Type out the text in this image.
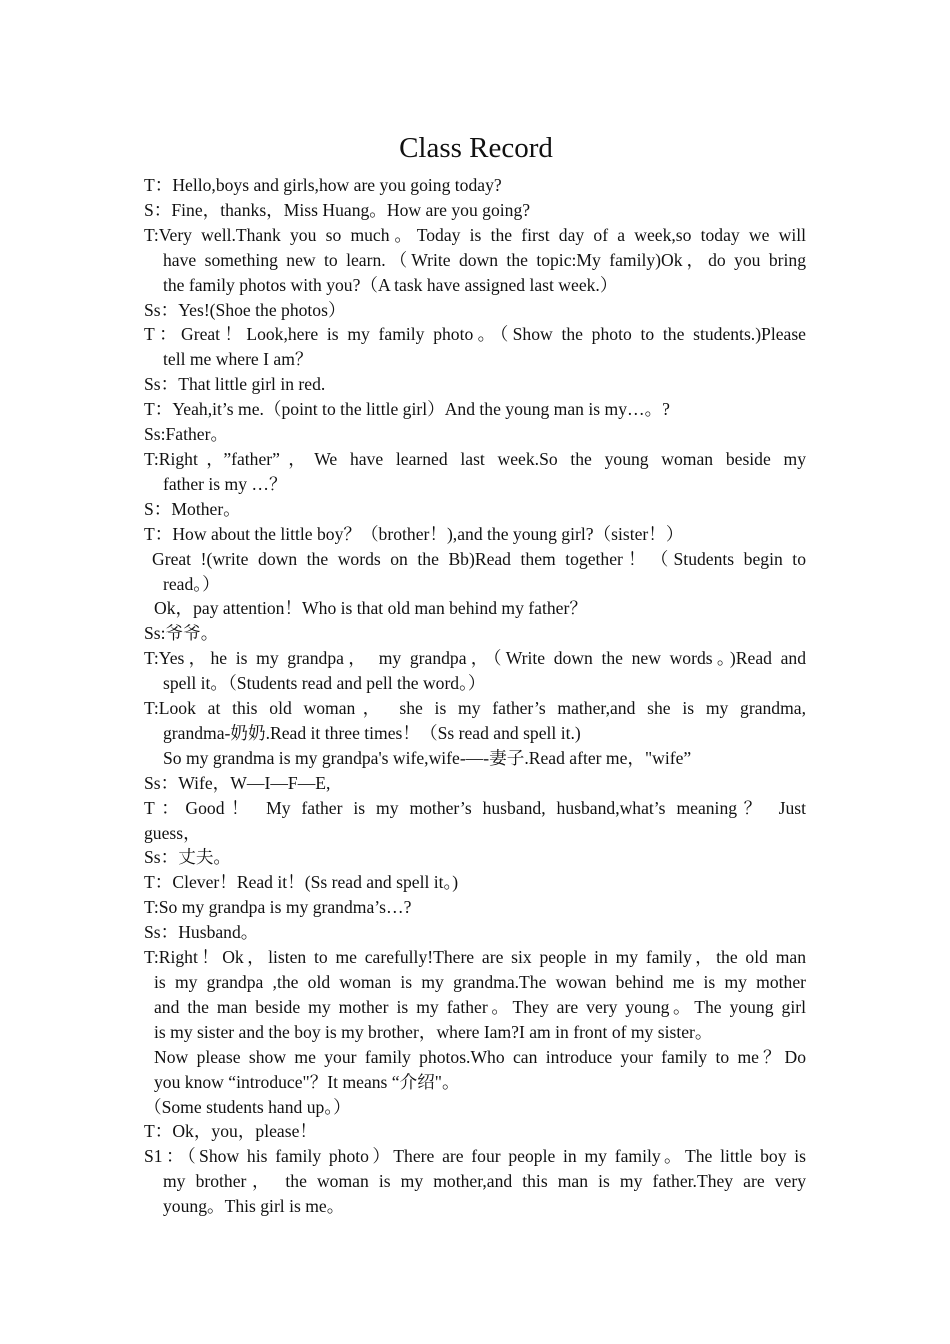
Class Record
T：Hello,boys and girls,how are you going today?
S：Fine，thanks，Miss Huang。How are you going?
T:Very well.Thank you so much。Today is the first day of a week,so today we will
have something new to learn.（Write down the topic:My family)Ok，do you bring
the family photos with you?（A task have assigned last week.）
Ss：Yes!(Shoe the photos）
T：Great！Look,here is my family photo。（Show the photo to the students.)Please
tell me where I am？
Ss：That little girl in red.
T：Yeah,it’s me.（point to the little girl）And the young man is my…。?
Ss:Father。
T:Right，”father”，We have learned last week.So the young woman beside my
father is my …？
S：Mother。
T：How about the little boy？（brother！),and the young girl?（sister！）
Great !(write down the words on the Bb)Read them together！（Students begin to
read。）
Ok，pay attention！Who is that old man behind my father？
Ss:爷爷。
T:Yes，he is my grandpa， my grandpa，（Write down the new words。)Read and
spell it。（Students read and pell the word。）
T:Look at this old woman， she is my father’s mather,and she is my grandma,
grandma-奶奶.Read it three times！（Ss read and spell it.)
So my grandma is my grandpa's wife,wife-—-妻子.Read after me，"wife”
Ss：Wife，W—I—F—E,
T：Good！ My father is my mother’s husband, husband,what’s meaning？ Just
guess，
Ss：丈夫。
T：Clever！Read it！(Ss read and spell it。)
T:So my grandpa is my grandma’s…?
Ss：Husband。
T:Right！Ok，listen to me carefully!There are six people in my family，the old man
is my grandpa ,the old woman is my grandma.The wowan behind me is my mother
and the man beside my mother is my father。They are very young。The young girl
is my sister and the boy is my brother，where Iam?I am in front of my sister。
Now please show me your family photos.Who can introduce your family to me？Do
you know “introduce"？It means “介绍"。
（Some students hand up。）
T：Ok，you，please！
S1：（Show his family photo）There are four people in my family。The little boy is
my brother， the woman is my mother,and this man is my father.They are very
young。This girl is me。
